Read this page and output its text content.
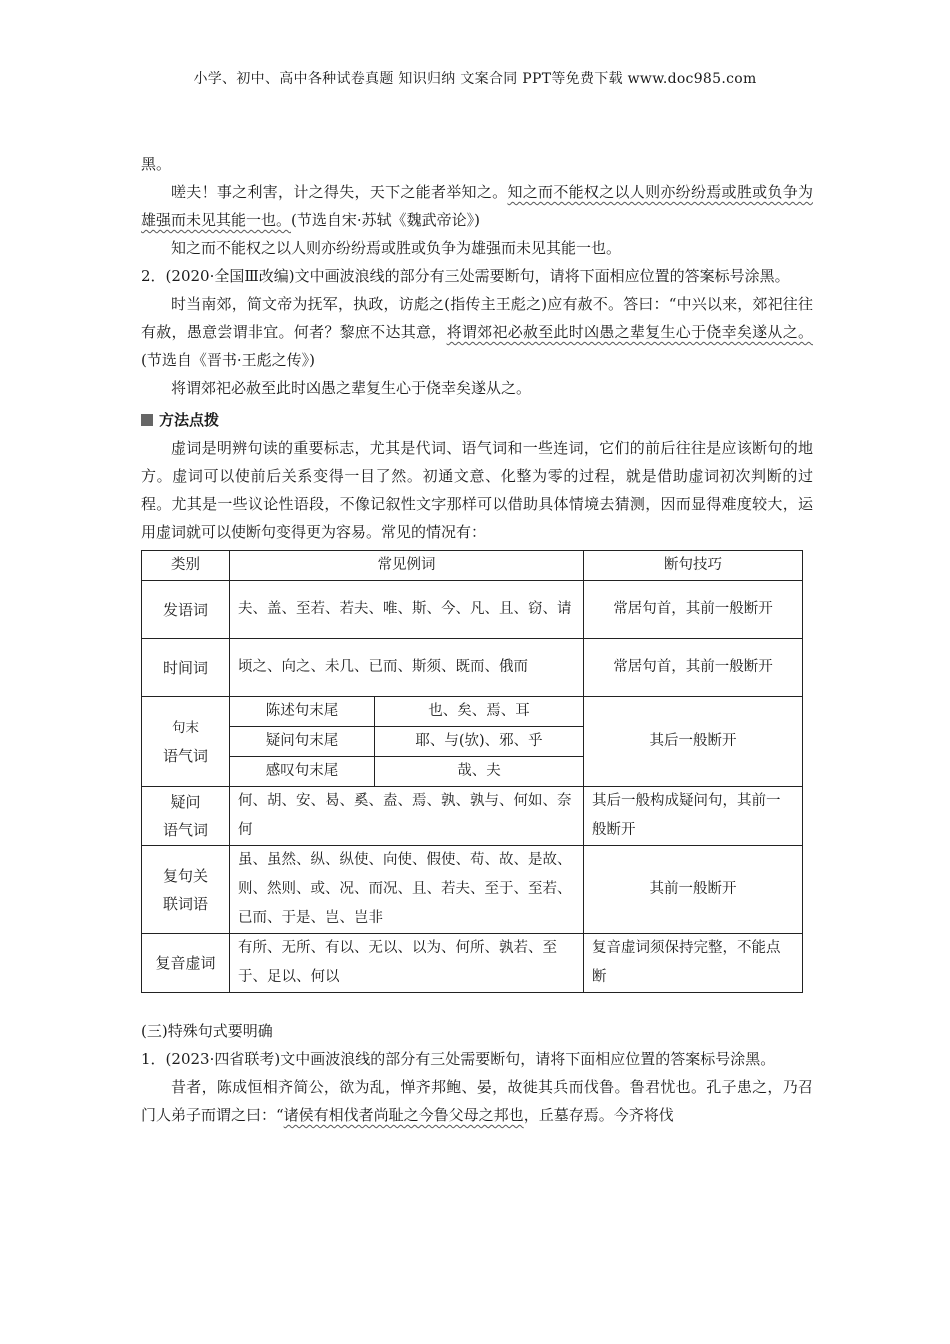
小学、初中、高中各种试卷真题 知识归纳 文案合同 PPT等免费下载 www.doc985.com

黑。

嗟夫！事之利害，计之得失，天下之能者举知之。知之而不能权之以人则亦纷纷焉或胜或负争为雄强而未见其能一也。(节选自宋·苏轼《魏武帝论》)

知之而不能权之以人则亦纷纷焉或胜或负争为雄强而未见其能一也。

2．(2020·全国Ⅲ改编)文中画波浪线的部分有三处需要断句，请将下面相应位置的答案标号涂黑。

时当南郊，简文帝为抚军，执政，访彪之(指传主王彪之)应有赦不。答曰：“中兴以来，郊祀往往有赦，愚意尝谓非宜。何者？黎庶不达其意，将谓郊祀必赦至此时凶愚之辈复生心于侥幸矣遂从之。(节选自《晋书·王彪之传》)

将谓郊祀必赦至此时凶愚之辈复生心于侥幸矣遂从之。

方法点拨

虚词是明辨句读的重要标志，尤其是代词、语气词和一些连词，它们的前后往往是应该断句的地方。虚词可以使前后关系变得一目了然。初通文意、化整为零的过程，就是借助虚词初次判断的过程。尤其是一些议论性语段，不像记叙性文字那样可以借助具体情境去猜测，因而显得难度较大，运用虚词就可以使断句变得更为容易。常见的情况有：

类别	常见例词	断句技巧
发语词	夫、盖、至若、若夫、唯、斯、今、凡、且、窃、请	常居句首，其前一般断开
时间词	顷之、向之、未几、已而、斯须、既而、俄而	常居句首，其前一般断开
句末
语气词	
陈述句末尾	也、矣、焉、耳
疑问句末尾	耶、与(欤)、邪、乎
感叹句末尾	哉、夫
	其后一般断开
疑问
语气词	何、胡、安、曷、奚、盍、焉、孰、孰与、何如、奈何	其后一般构成疑问句，其前一般断开
复句关
联词语	虽、虽然、纵、纵使、向使、假使、苟、故、是故、则、然则、或、况、而况、且、若夫、至于、至若、已而、于是、岂、岂非	其前一般断开
复音虚词	有所、无所、有以、无以、以为、何所、孰若、至于、足以、何以	复音虚词须保持完整，不能点断

(三)特殊句式要明确

1．(2023·四省联考)文中画波浪线的部分有三处需要断句，请将下面相应位置的答案标号涂黑。

昔者，陈成恒相齐简公，欲为乱，惮齐邦鲍、晏，故徙其兵而伐鲁。鲁君忧也。孔子患之，乃召门人弟子而谓之曰：“诸侯有相伐者尚耻之今鲁父母之邦也，丘墓存焉。今齐将伐
